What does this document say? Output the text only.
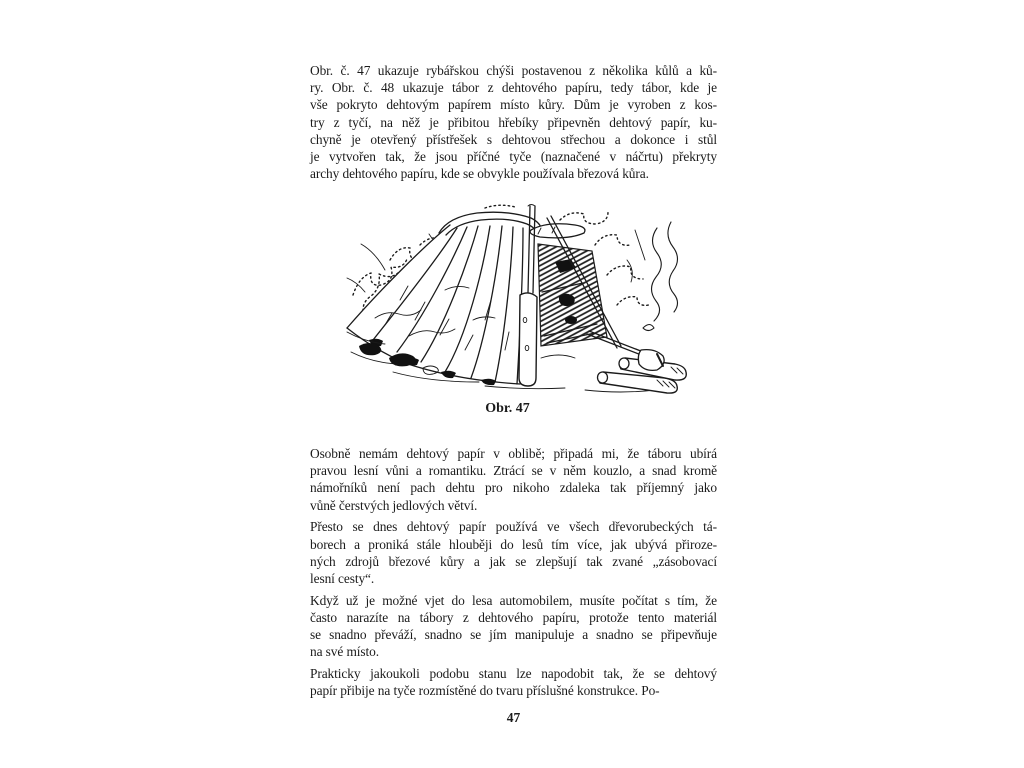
Obr. č. 47 ukazuje rybářskou chýši postavenou z několika kůlů a ků-
ry. Obr. č. 48 ukazuje tábor z dehtového papíru, tedy tábor, kde je
vše pokryto dehtovým papírem místo kůry. Dům je vyroben z kos-
try z tyčí, na něž je přibitou hřebíky připevněn dehtový papír, ku-
chyně je otevřený přístřešek s dehtovou střechou a dokonce i stůl
je vytvořen tak, že jsou příčné tyče (naznačené v náčrtu) překryty
archy dehtového papíru, kde se obvykle používala březová kůra.
Obr. 47
Osobně nemám dehtový papír v oblibě; připadá mi, že táboru ubírá
pravou lesní vůni a romantiku. Ztrácí se v něm kouzlo, a snad kromě
námořníků není pach dehtu pro nikoho zdaleka tak příjemný jako
vůně čerstvých jedlových větví.
Přesto se dnes dehtový papír používá ve všech dřevorubeckých tá-
borech a proniká stále hlouběji do lesů tím více, jak ubývá přiroze-
ných zdrojů březové kůry a jak se zlepšují tak zvané „zásobovací
lesní cesty“.
Když už je možné vjet do lesa automobilem, musíte počítat s tím, že
často narazíte na tábory z dehtového papíru, protože tento materiál
se snadno převáží, snadno se jím manipuluje a snadno se připevňuje
na své místo.
Prakticky jakoukoli podobu stanu lze napodobit tak, že se dehtový
papír přibije na tyče rozmístěné do tvaru příslušné konstrukce. Po-
47
